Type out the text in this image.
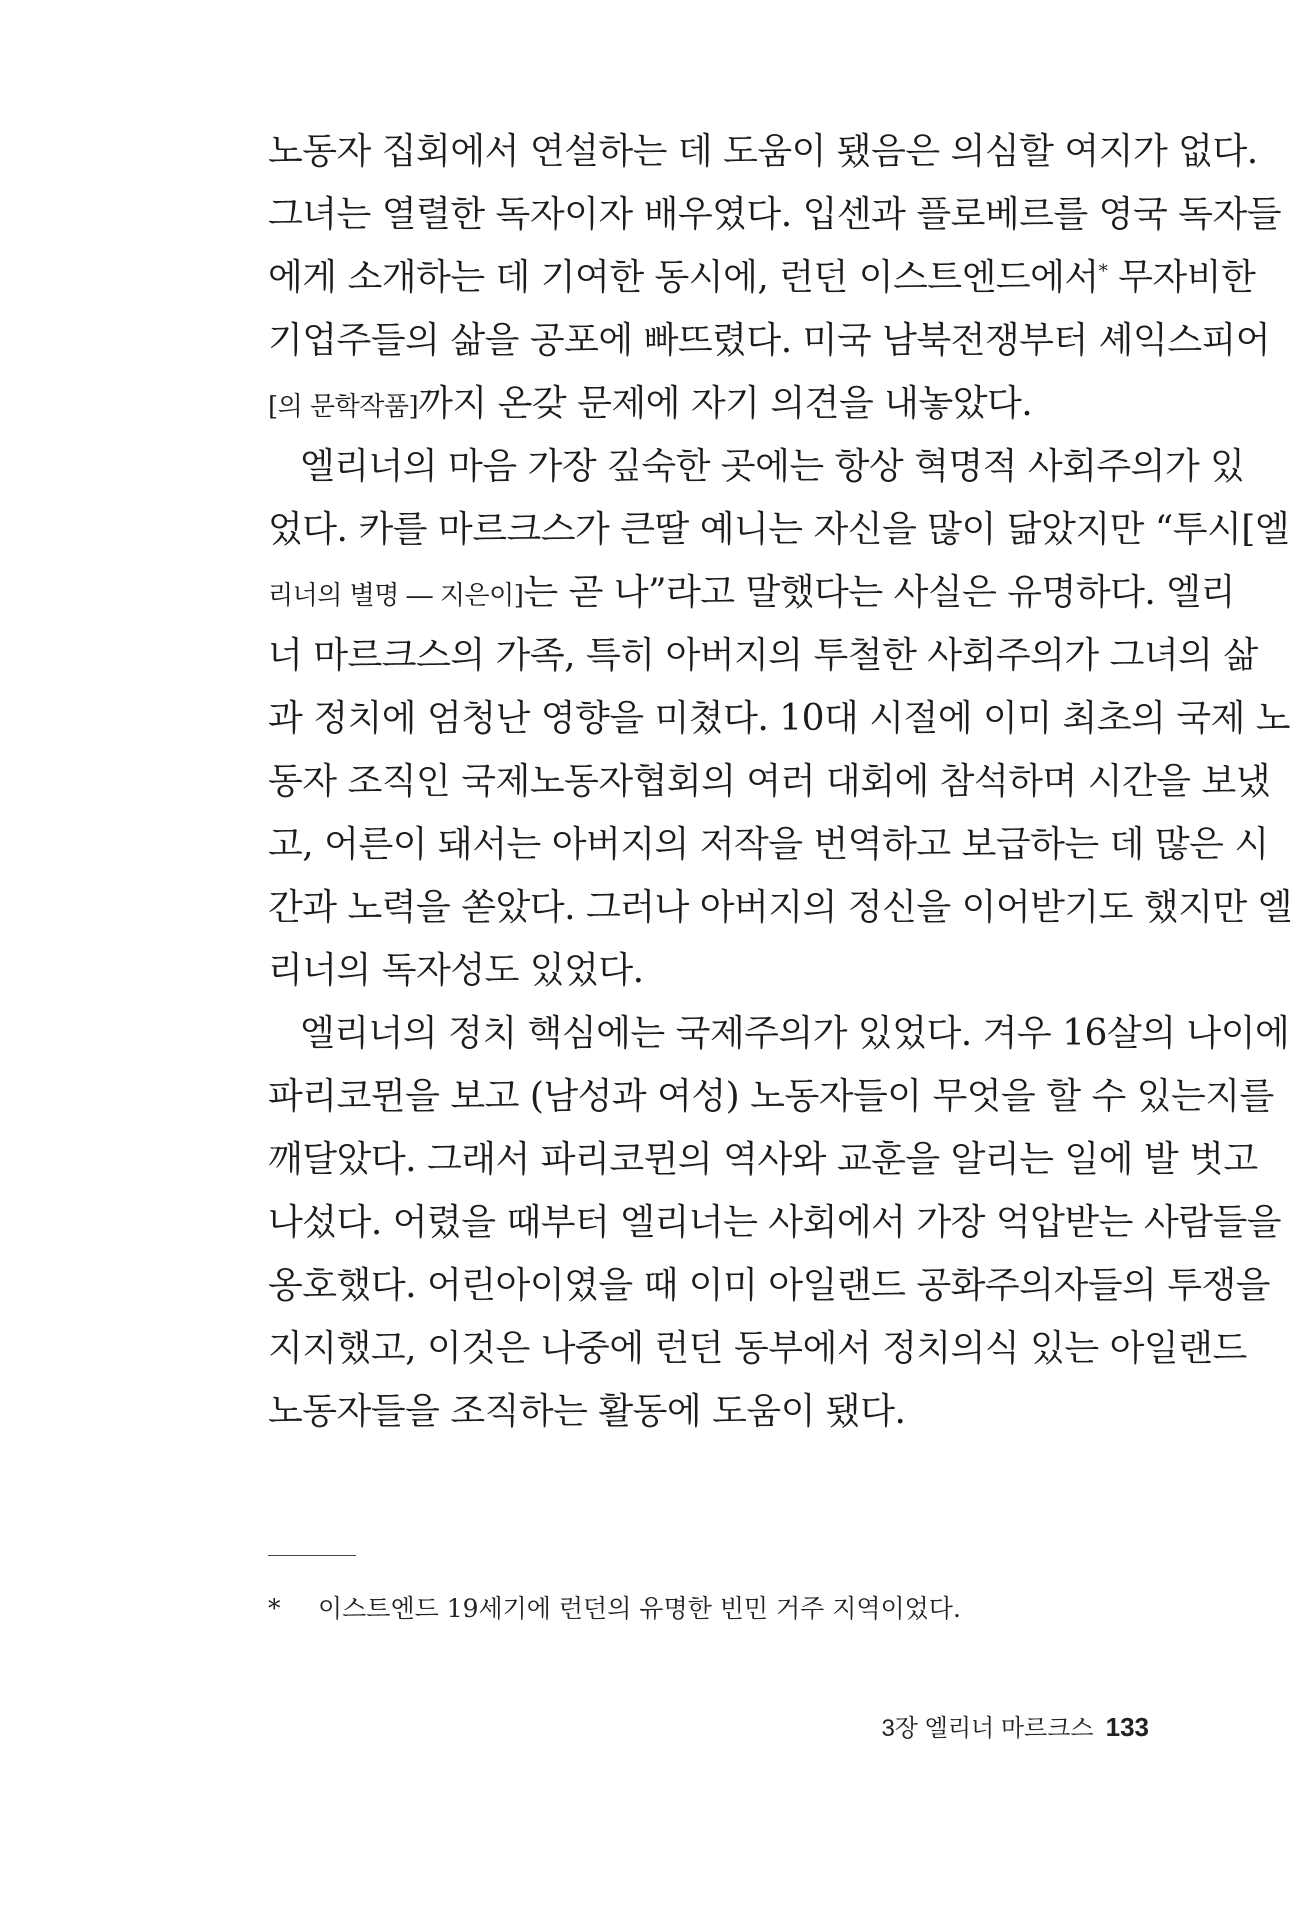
노동자 집회에서 연설하는 데 도움이 됐음은 의심할 여지가 없다.
그녀는 열렬한 독자이자 배우였다. 입센과 플로베르를 영국 독자들
에게 소개하는 데 기여한 동시에, 런던 이스트엔드에서* 무자비한
기업주들의 삶을 공포에 빠뜨렸다. 미국 남북전쟁부터 셰익스피어
[의 문학작품]까지 온갖 문제에 자기 의견을 내놓았다.
엘리너의 마음 가장 깊숙한 곳에는 항상 혁명적 사회주의가 있
었다. 카를 마르크스가 큰딸 예니는 자신을 많이 닮았지만 “투시[엘
리너의 별명 ― 지은이]는 곧 나”라고 말했다는 사실은 유명하다. 엘리
너 마르크스의 가족, 특히 아버지의 투철한 사회주의가 그녀의 삶
과 정치에 엄청난 영향을 미쳤다. 10대 시절에 이미 최초의 국제 노
동자 조직인 국제노동자협회의 여러 대회에 참석하며 시간을 보냈
고, 어른이 돼서는 아버지의 저작을 번역하고 보급하는 데 많은 시
간과 노력을 쏟았다. 그러나 아버지의 정신을 이어받기도 했지만 엘
리너의 독자성도 있었다.
엘리너의 정치 핵심에는 국제주의가 있었다. 겨우 16살의 나이에
파리코뮌을 보고 (남성과 여성) 노동자들이 무엇을 할 수 있는지를
깨달았다. 그래서 파리코뮌의 역사와 교훈을 알리는 일에 발 벗고
나섰다. 어렸을 때부터 엘리너는 사회에서 가장 억압받는 사람들을
옹호했다. 어린아이였을 때 이미 아일랜드 공화주의자들의 투쟁을
지지했고, 이것은 나중에 런던 동부에서 정치의식 있는 아일랜드
노동자들을 조직하는 활동에 도움이 됐다.
* 이스트엔드 19세기에 런던의 유명한 빈민 거주 지역이었다.
3장 엘리너 마르크스 133
